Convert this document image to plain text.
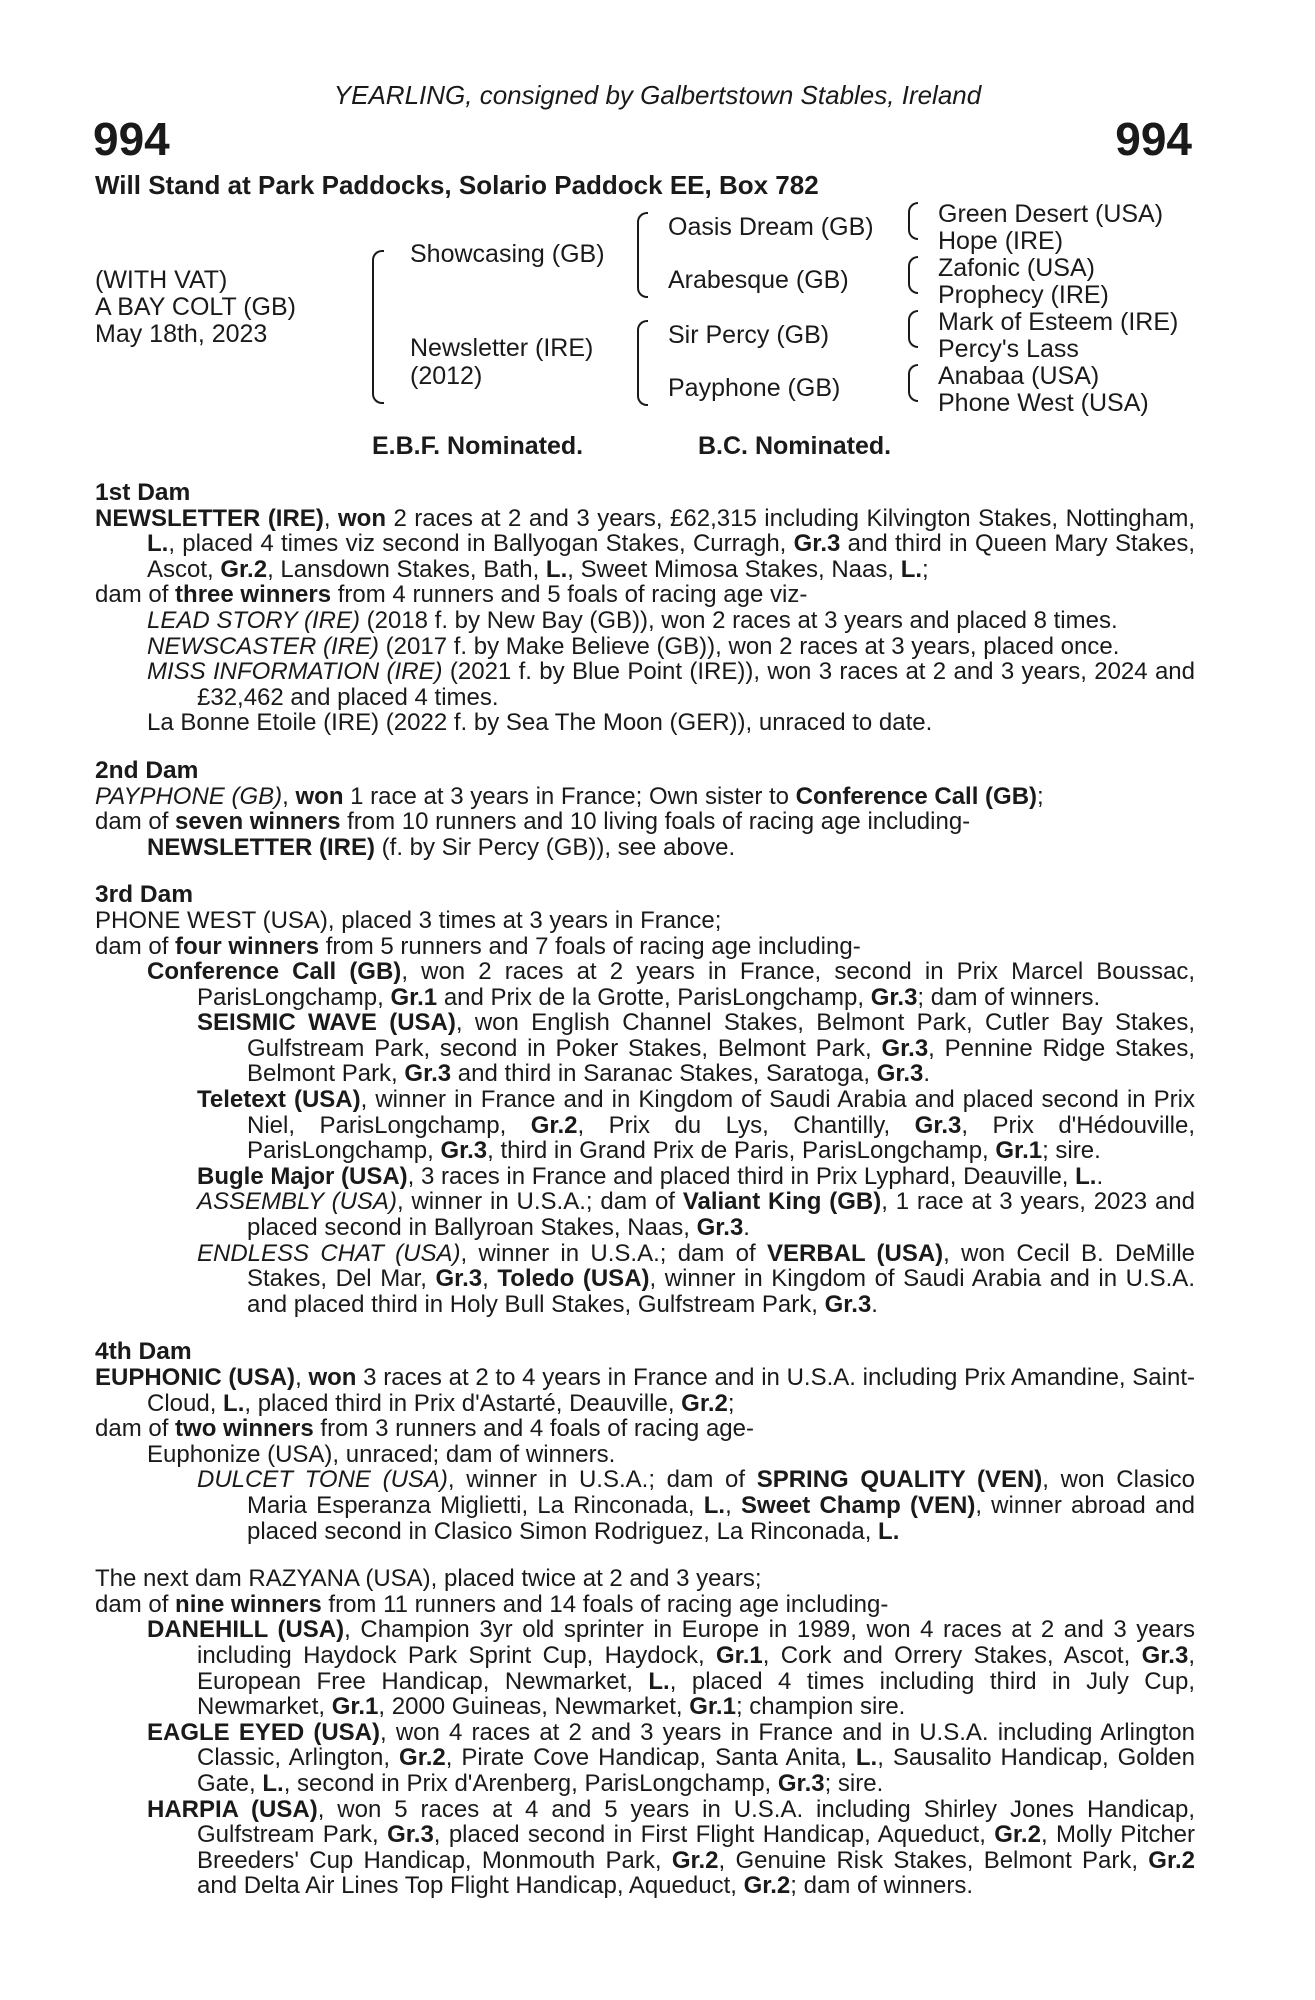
YEARLING, consigned by Galbertstown Stables, Ireland
994	994
Will Stand at Park Paddocks, Solario Paddock EE, Box 782
(WITH VAT)
A BAY COLT (GB)
May 18th, 2023
Showcasing (GB)
Newsletter (IRE)
(2012)
Oasis Dream (GB)
Arabesque (GB)
Sir Percy (GB)
Payphone (GB)
Green Desert (USA)
Hope (IRE)
Zafonic (USA)
Prophecy (IRE)
Mark of Esteem (IRE)
Percy's Lass
Anabaa (USA)
Phone West (USA)
E.B.F. Nominated.	B.C. Nominated.

1st Dam

NEWSLETTER (IRE), won 2 races at 2 and 3 years, £62,315 including Kilvington Stakes, Nottingham, L., placed 4 times viz second in Ballyogan Stakes, Curragh, Gr.3 and third in Queen Mary Stakes, Ascot, Gr.2, Lansdown Stakes, Bath, L., Sweet Mimosa Stakes, Naas, L.;

dam of three winners from 4 runners and 5 foals of racing age viz-

LEAD STORY (IRE) (2018 f. by New Bay (GB)), won 2 races at 3 years and placed 8 times.

NEWSCASTER (IRE) (2017 f. by Make Believe (GB)), won 2 races at 3 years, placed once.

MISS INFORMATION (IRE) (2021 f. by Blue Point (IRE)), won 3 races at 2 and 3 years, 2024 and £32,462 and placed 4 times.

La Bonne Etoile (IRE) (2022 f. by Sea The Moon (GER)), unraced to date.

2nd Dam

PAYPHONE (GB), won 1 race at 3 years in France; Own sister to Conference Call (GB);

dam of seven winners from 10 runners and 10 living foals of racing age including-

NEWSLETTER (IRE) (f. by Sir Percy (GB)), see above.

3rd Dam

PHONE WEST (USA), placed 3 times at 3 years in France;

dam of four winners from 5 runners and 7 foals of racing age including-

Conference Call (GB), won 2 races at 2 years in France, second in Prix Marcel Boussac, ParisLongchamp, Gr.1 and Prix de la Grotte, ParisLongchamp, Gr.3; dam of winners.

SEISMIC WAVE (USA), won English Channel Stakes, Belmont Park, Cutler Bay Stakes, Gulfstream Park, second in Poker Stakes, Belmont Park, Gr.3, Pennine Ridge Stakes, Belmont Park, Gr.3 and third in Saranac Stakes, Saratoga, Gr.3.

Teletext (USA), winner in France and in Kingdom of Saudi Arabia and placed second in Prix Niel, ParisLongchamp, Gr.2, Prix du Lys, Chantilly, Gr.3, Prix d'Hédouville, ParisLongchamp, Gr.3, third in Grand Prix de Paris, ParisLongchamp, Gr.1; sire.

Bugle Major (USA), 3 races in France and placed third in Prix Lyphard, Deauville, L..

ASSEMBLY (USA), winner in U.S.A.; dam of Valiant King (GB), 1 race at 3 years, 2023 and placed second in Ballyroan Stakes, Naas, Gr.3.

ENDLESS CHAT (USA), winner in U.S.A.; dam of VERBAL (USA), won Cecil B. DeMille Stakes, Del Mar, Gr.3, Toledo (USA), winner in Kingdom of Saudi Arabia and in U.S.A. and placed third in Holy Bull Stakes, Gulfstream Park, Gr.3.

4th Dam

EUPHONIC (USA), won 3 races at 2 to 4 years in France and in U.S.A. including Prix Amandine, Saint-Cloud, L., placed third in Prix d'Astarté, Deauville, Gr.2;

dam of two winners from 3 runners and 4 foals of racing age-

Euphonize (USA), unraced; dam of winners.

DULCET TONE (USA), winner in U.S.A.; dam of SPRING QUALITY (VEN), won Clasico Maria Esperanza Miglietti, La Rinconada, L., Sweet Champ (VEN), winner abroad and placed second in Clasico Simon Rodriguez, La Rinconada, L.

The next dam RAZYANA (USA), placed twice at 2 and 3 years;

dam of nine winners from 11 runners and 14 foals of racing age including-

DANEHILL (USA), Champion 3yr old sprinter in Europe in 1989, won 4 races at 2 and 3 years including Haydock Park Sprint Cup, Haydock, Gr.1, Cork and Orrery Stakes, Ascot, Gr.3, European Free Handicap, Newmarket, L., placed 4 times including third in July Cup, Newmarket, Gr.1, 2000 Guineas, Newmarket, Gr.1; champion sire.

EAGLE EYED (USA), won 4 races at 2 and 3 years in France and in U.S.A. including Arlington Classic, Arlington, Gr.2, Pirate Cove Handicap, Santa Anita, L., Sausalito Handicap, Golden Gate, L., second in Prix d'Arenberg, ParisLongchamp, Gr.3; sire.

HARPIA (USA), won 5 races at 4 and 5 years in U.S.A. including Shirley Jones Handicap, Gulfstream Park, Gr.3, placed second in First Flight Handicap, Aqueduct, Gr.2, Molly Pitcher Breeders' Cup Handicap, Monmouth Park, Gr.2, Genuine Risk Stakes, Belmont Park, Gr.2 and Delta Air Lines Top Flight Handicap, Aqueduct, Gr.2; dam of winners.
